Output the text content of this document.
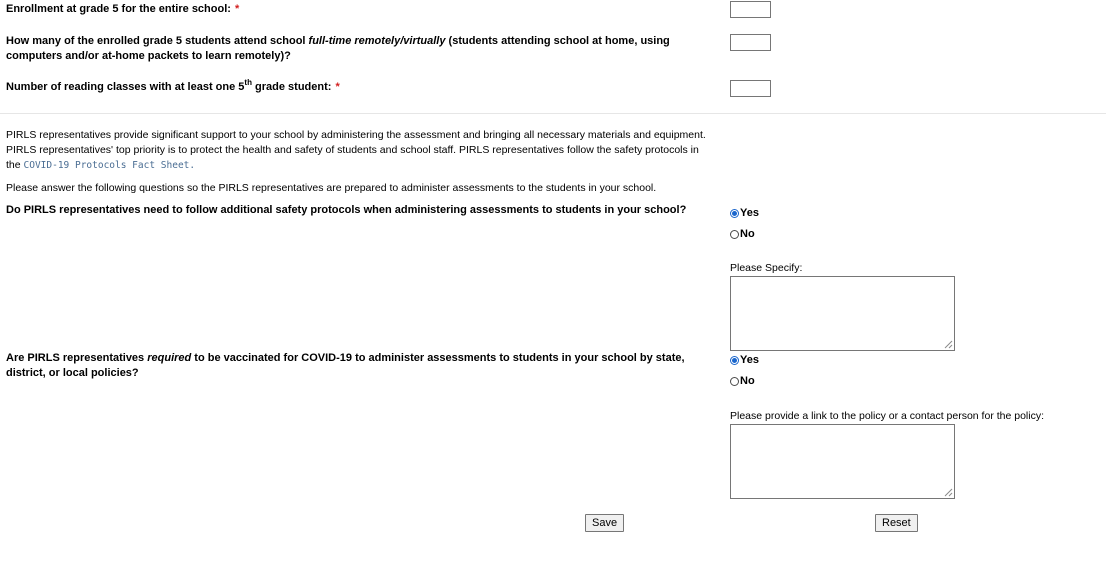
Enrollment at grade 5 for the entire school: *
How many of the enrolled grade 5 students attend school full-time remotely/virtually (students attending school at home, using computers and/or at-home packets to learn remotely)?
Number of reading classes with at least one 5th grade student: *
PIRLS representatives provide significant support to your school by administering the assessment and bringing all necessary materials and equipment. PIRLS representatives' top priority is to protect the health and safety of students and school staff. PIRLS representatives follow the safety protocols in the COVID-19 Protocols Fact Sheet.
Please answer the following questions so the PIRLS representatives are prepared to administer assessments to the students in your school.
Do PIRLS representatives need to follow additional safety protocols when administering assessments to students in your school?	Yes
No
Please Specify:
Are PIRLS representatives required to be vaccinated for COVID-19 to administer assessments to students in your school by state, district, or local policies?
Yes
No
Please provide a link to the policy or a contact person for the policy:
Save	Reset
